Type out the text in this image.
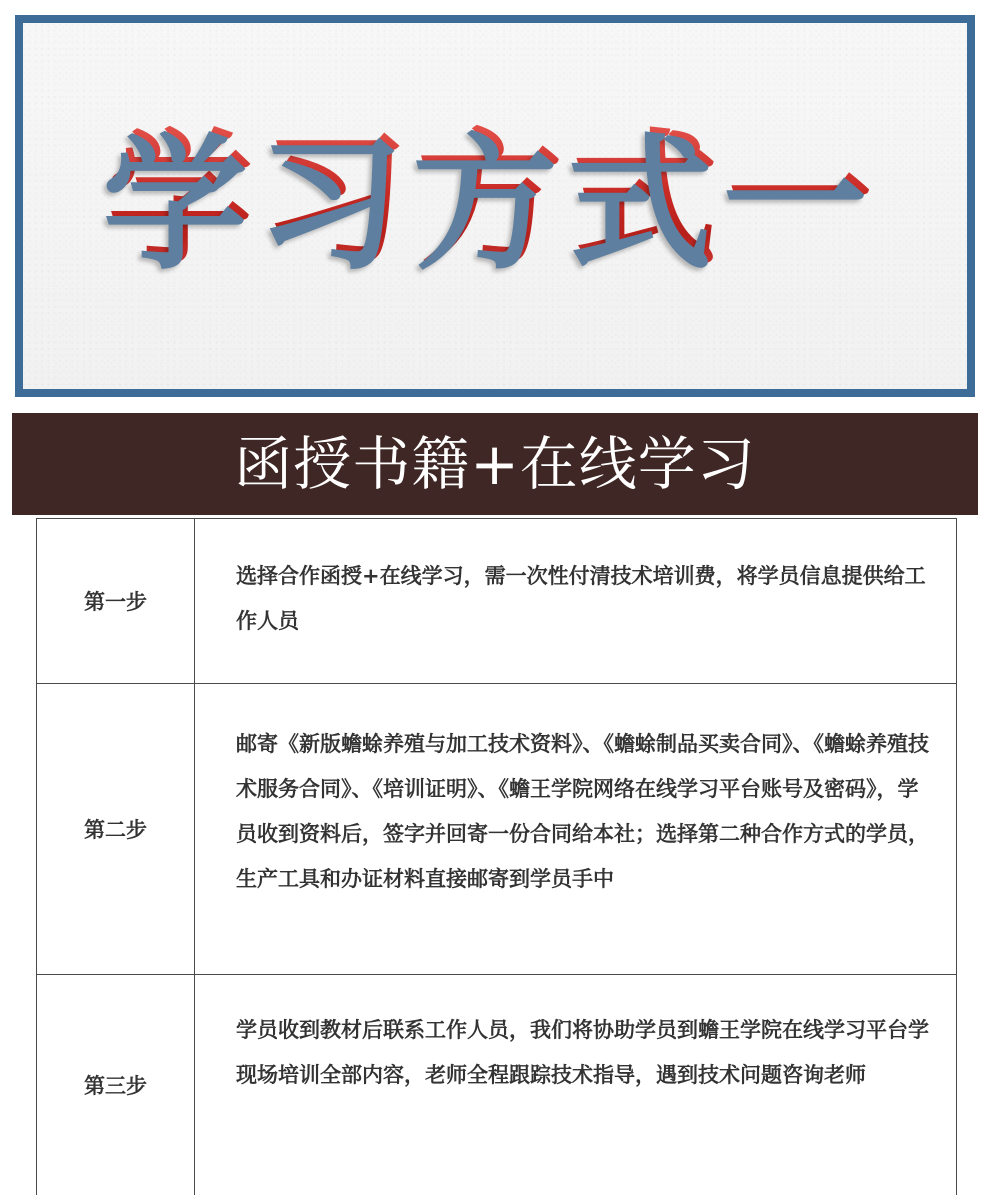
学习方式一
函授书籍+在线学习
第一步

选择合作函授+在线学习，需一次性付清技术培训费，将学员信息提供给工作人员

第二步

邮寄《新版蟾蜍养殖与加工技术资料》、《蟾蜍制品买卖合同》、《蟾蜍养殖技术服务合同》、《培训证明》、《蟾王学院网络在线学习平台账号及密码》，学员收到资料后，签字并回寄一份合同给本社；选择第二种合作方式的学员，生产工具和办证材料直接邮寄到学员手中

第三步

学员收到教材后联系工作人员，我们将协助学员到蟾王学院在线学习平台学现场培训全部内容，老师全程跟踪技术指导，遇到技术问题咨询老师
